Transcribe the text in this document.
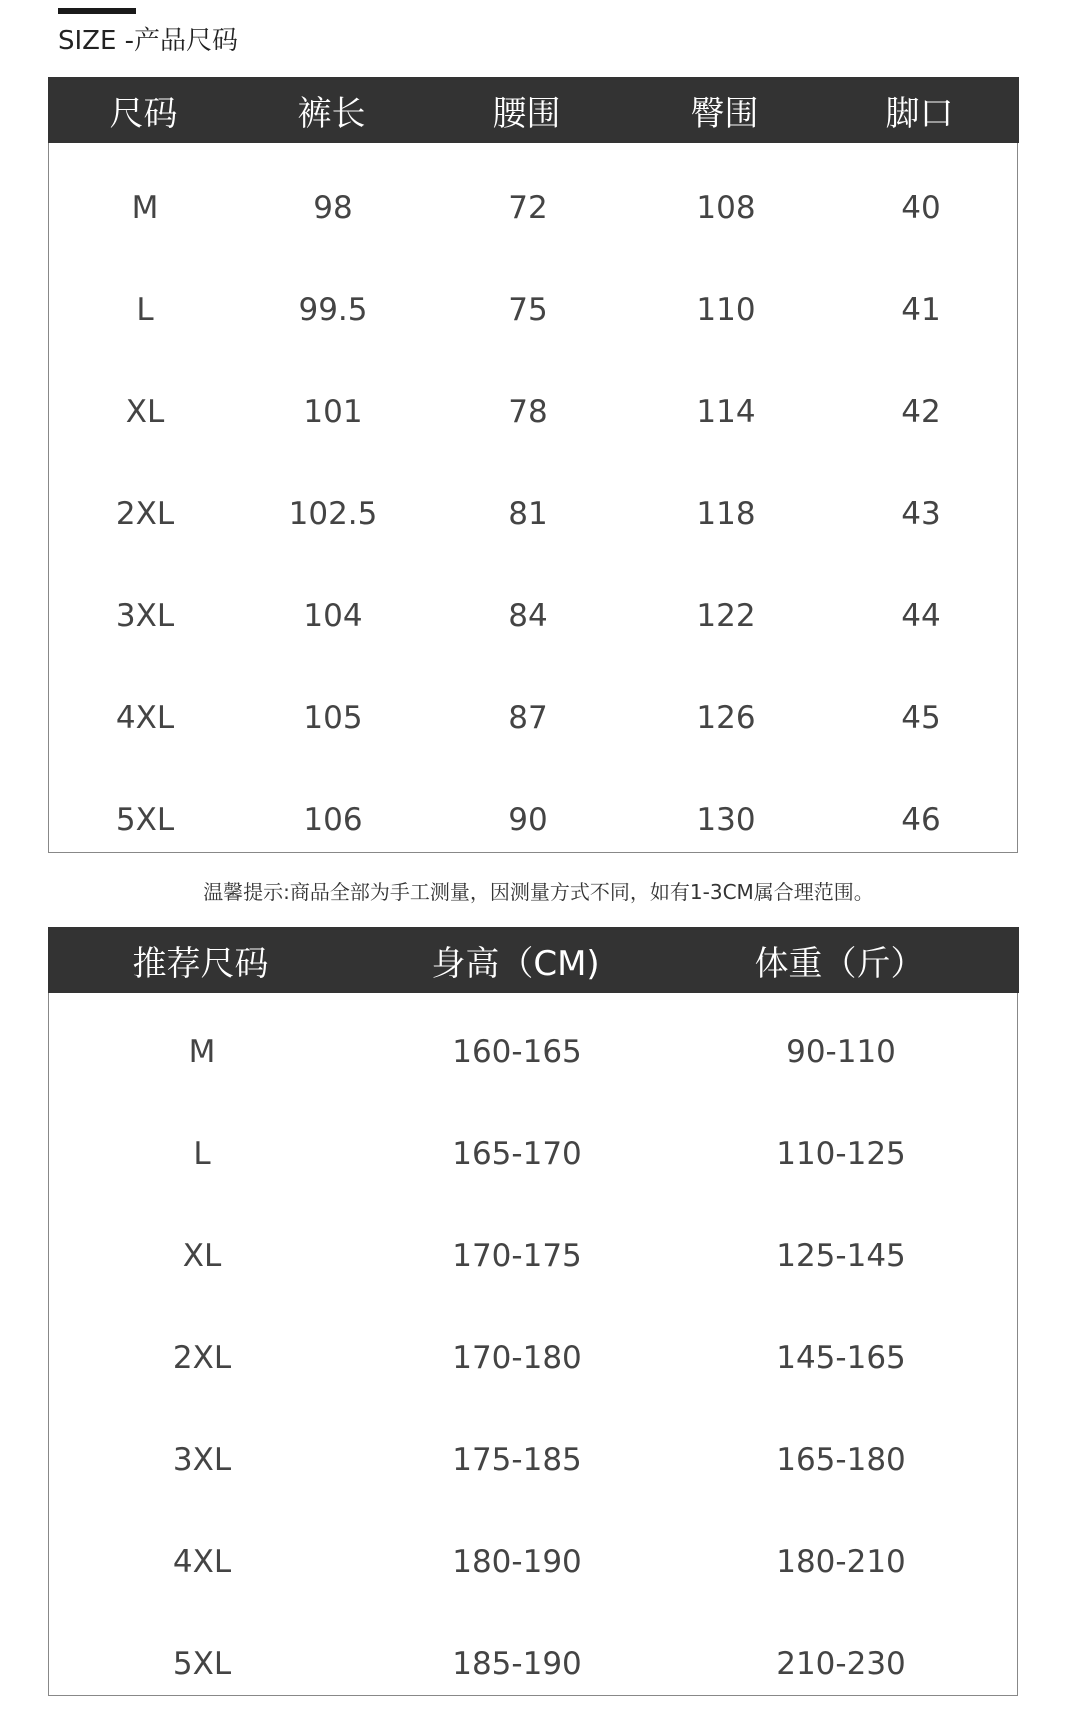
SIZE -产品尺码
尺码	裤长	腰围	臀围	脚口
M	98	72	108	40
L	99.5	75	110	41
XL	101	78	114	42
2XL	102.5	81	118	43
3XL	104	84	122	44
4XL	105	87	126	45
5XL	106	90	130	46
温馨提示:商品全部为手工测量，因测量方式不同，如有1-3CM属合理范围。
推荐尺码	身高（CM)	体重（斤）
M	160-165	90-110
L	165-170	110-125
XL	170-175	125-145
2XL	170-180	145-165
3XL	175-185	165-180
4XL	180-190	180-210
5XL	185-190	210-230
